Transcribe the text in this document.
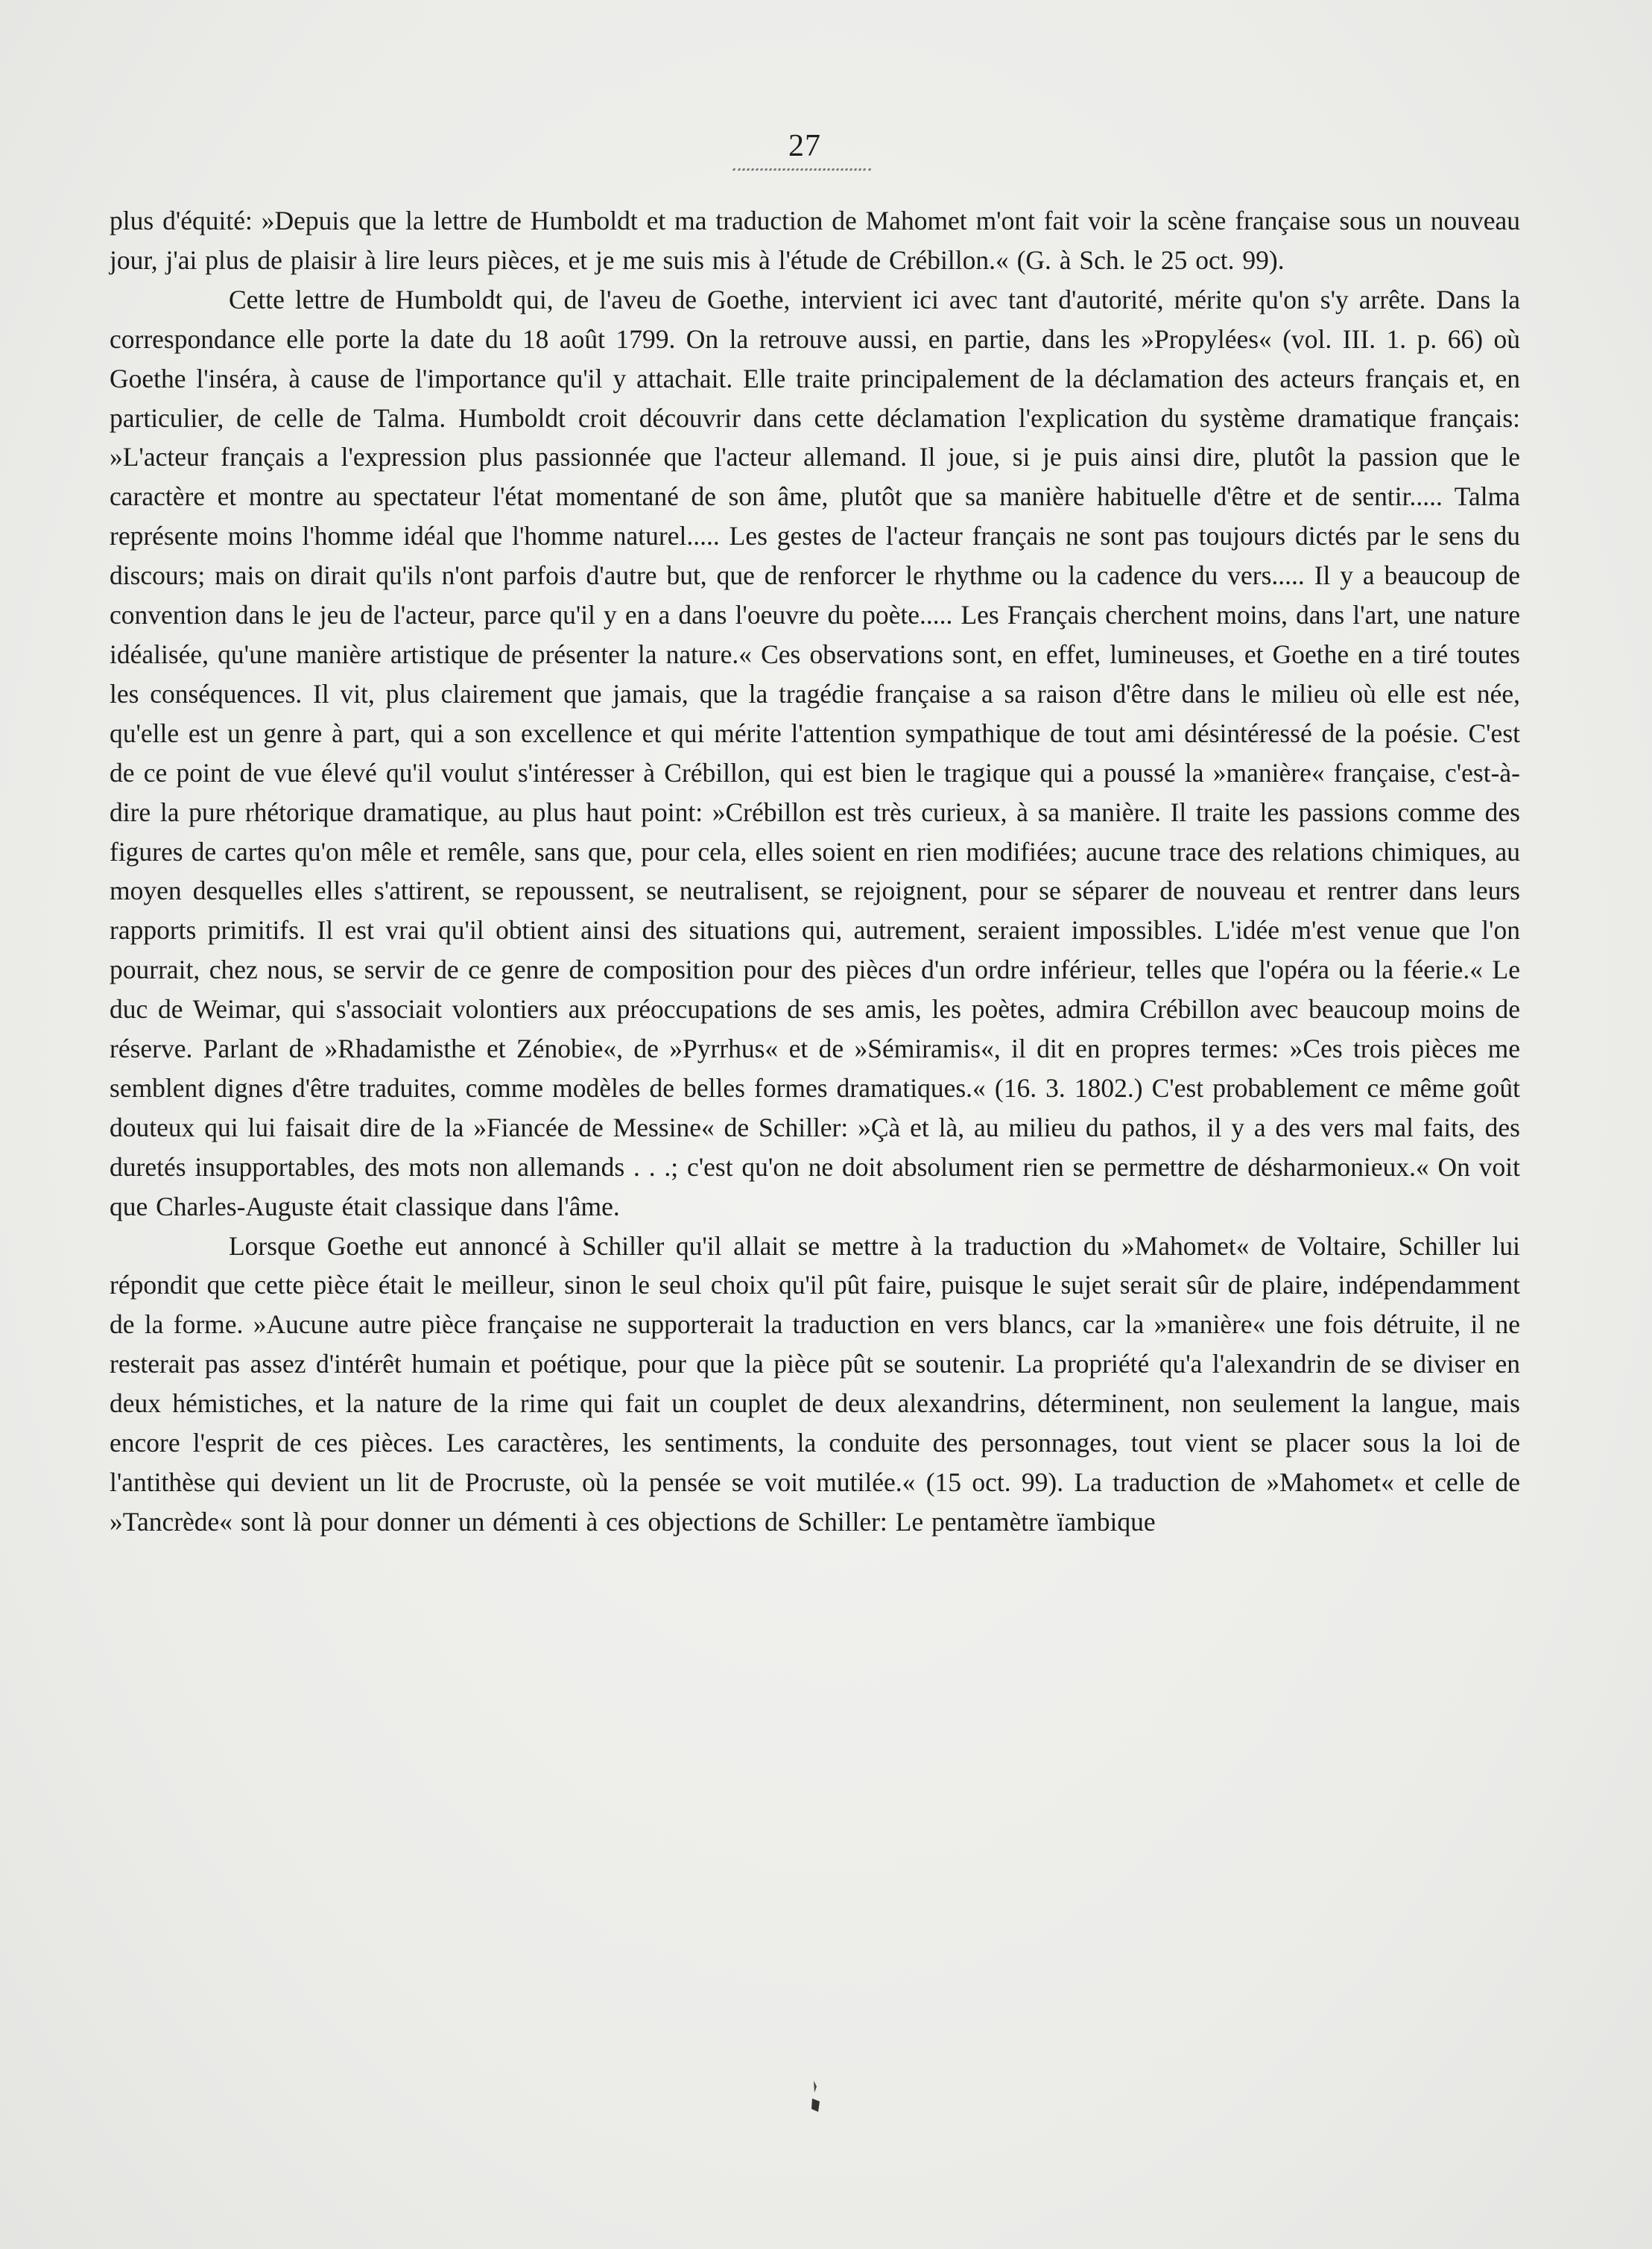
27

plus d'équité: »Depuis que la lettre de Humboldt et ma traduction de Mahomet m'ont fait voir la scène française sous un nouveau jour, j'ai plus de plaisir à lire leurs pièces, et je me suis mis à l'étude de Crébillon.« (G. à Sch. le 25 oct. 99).

Cette lettre de Humboldt qui, de l'aveu de Goethe, intervient ici avec tant d'autorité, mérite qu'on s'y arrête. Dans la correspondance elle porte la date du 18 août 1799. On la retrouve aussi, en partie, dans les »Propylées« (vol. III. 1. p. 66) où Goethe l'inséra, à cause de l'importance qu'il y attachait. Elle traite principalement de la déclamation des acteurs français et, en particulier, de celle de Talma. Humboldt croit découvrir dans cette déclamation l'explication du système dramatique français: »L'acteur français a l'expression plus passionnée que l'acteur allemand. Il joue, si je puis ainsi dire, plutôt la passion que le caractère et montre au spectateur l'état momentané de son âme, plutôt que sa manière habituelle d'être et de sentir..... Talma représente moins l'homme idéal que l'homme naturel..... Les gestes de l'acteur français ne sont pas toujours dictés par le sens du discours; mais on dirait qu'ils n'ont parfois d'autre but, que de renforcer le rhythme ou la cadence du vers..... Il y a beaucoup de convention dans le jeu de l'acteur, parce qu'il y en a dans l'oeuvre du poète..... Les Français cherchent moins, dans l'art, une nature idéalisée, qu'une manière artistique de présenter la nature.« Ces observations sont, en effet, lumineuses, et Goethe en a tiré toutes les conséquences. Il vit, plus clairement que jamais, que la tragédie française a sa raison d'être dans le milieu où elle est née, qu'elle est un genre à part, qui a son excellence et qui mérite l'attention sympathique de tout ami désintéressé de la poésie. C'est de ce point de vue élevé qu'il voulut s'intéresser à Crébillon, qui est bien le tragique qui a poussé la »manière« française, c'est-à-dire la pure rhétorique dramatique, au plus haut point: »Crébillon est très curieux, à sa manière. Il traite les passions comme des figures de cartes qu'on mêle et remêle, sans que, pour cela, elles soient en rien modifiées; aucune trace des relations chimiques, au moyen desquelles elles s'attirent, se repoussent, se neutralisent, se rejoignent, pour se séparer de nouveau et rentrer dans leurs rapports primitifs. Il est vrai qu'il obtient ainsi des situations qui, autrement, seraient impossibles. L'idée m'est venue que l'on pourrait, chez nous, se servir de ce genre de composition pour des pièces d'un ordre inférieur, telles que l'opéra ou la féerie.« Le duc de Weimar, qui s'associait volontiers aux préoccupations de ses amis, les poètes, admira Crébillon avec beaucoup moins de réserve. Parlant de »Rhadamisthe et Zénobie«, de »Pyrrhus« et de »Sémiramis«, il dit en propres termes: »Ces trois pièces me semblent dignes d'être traduites, comme modèles de belles formes dramatiques.« (16. 3. 1802.) C'est probablement ce même goût douteux qui lui faisait dire de la »Fiancée de Messine« de Schiller: »Çà et là, au milieu du pathos, il y a des vers mal faits, des duretés insupportables, des mots non allemands . . .; c'est qu'on ne doit absolument rien se permettre de désharmonieux.« On voit que Charles-Auguste était classique dans l'âme.

Lorsque Goethe eut annoncé à Schiller qu'il allait se mettre à la traduction du »Mahomet« de Voltaire, Schiller lui répondit que cette pièce était le meilleur, sinon le seul choix qu'il pût faire, puisque le sujet serait sûr de plaire, indépendamment de la forme. »Aucune autre pièce française ne supporterait la traduction en vers blancs, car la »manière« une fois détruite, il ne resterait pas assez d'intérêt humain et poétique, pour que la pièce pût se soutenir. La propriété qu'a l'alexandrin de se diviser en deux hémistiches, et la nature de la rime qui fait un couplet de deux alexandrins, déterminent, non seulement la langue, mais encore l'esprit de ces pièces. Les caractères, les sentiments, la conduite des personnages, tout vient se placer sous la loi de l'antithèse qui devient un lit de Procruste, où la pensée se voit mutilée.« (15 oct. 99). La traduction de »Mahomet« et celle de »Tancrède« sont là pour donner un démenti à ces objections de Schiller: Le pentamètre ïambique
